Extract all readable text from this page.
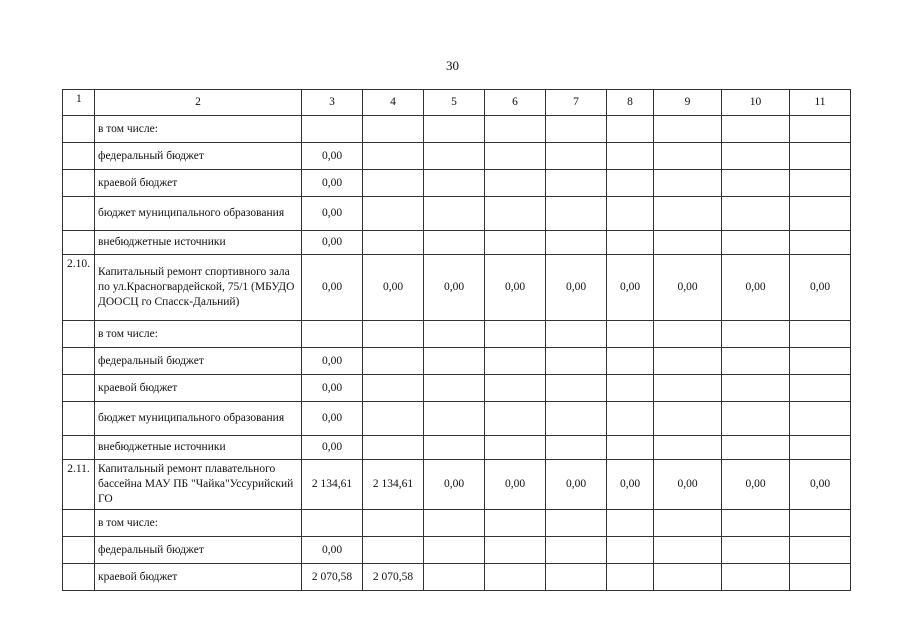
30
1	2	3	4	5	6	7	8	9	10	11
	в том числе:									
	федеральный бюджет	0,00								
	краевой бюджет	0,00								
	бюджет муниципального образования	0,00								
	внебюджетные источники	0,00								
2.10.	Капитальный ремонт спортивного зала по ул.Красногвардейской, 75/1 (МБУДО ДООСЦ го Спасск-Дальний)	0,00	0,00	0,00	0,00	0,00	0,00	0,00	0,00	0,00
	в том числе:									
	федеральный бюджет	0,00								
	краевой бюджет	0,00								
	бюджет муниципального образования	0,00								
	внебюджетные источники	0,00								
2.11.	Капитальный ремонт плавательного бассейна МАУ ПБ "Чайка"Уссурийский ГО	2 134,61	2 134,61	0,00	0,00	0,00	0,00	0,00	0,00	0,00
	в том числе:									
	федеральный бюджет	0,00								
	краевой бюджет	2 070,58	2 070,58							
